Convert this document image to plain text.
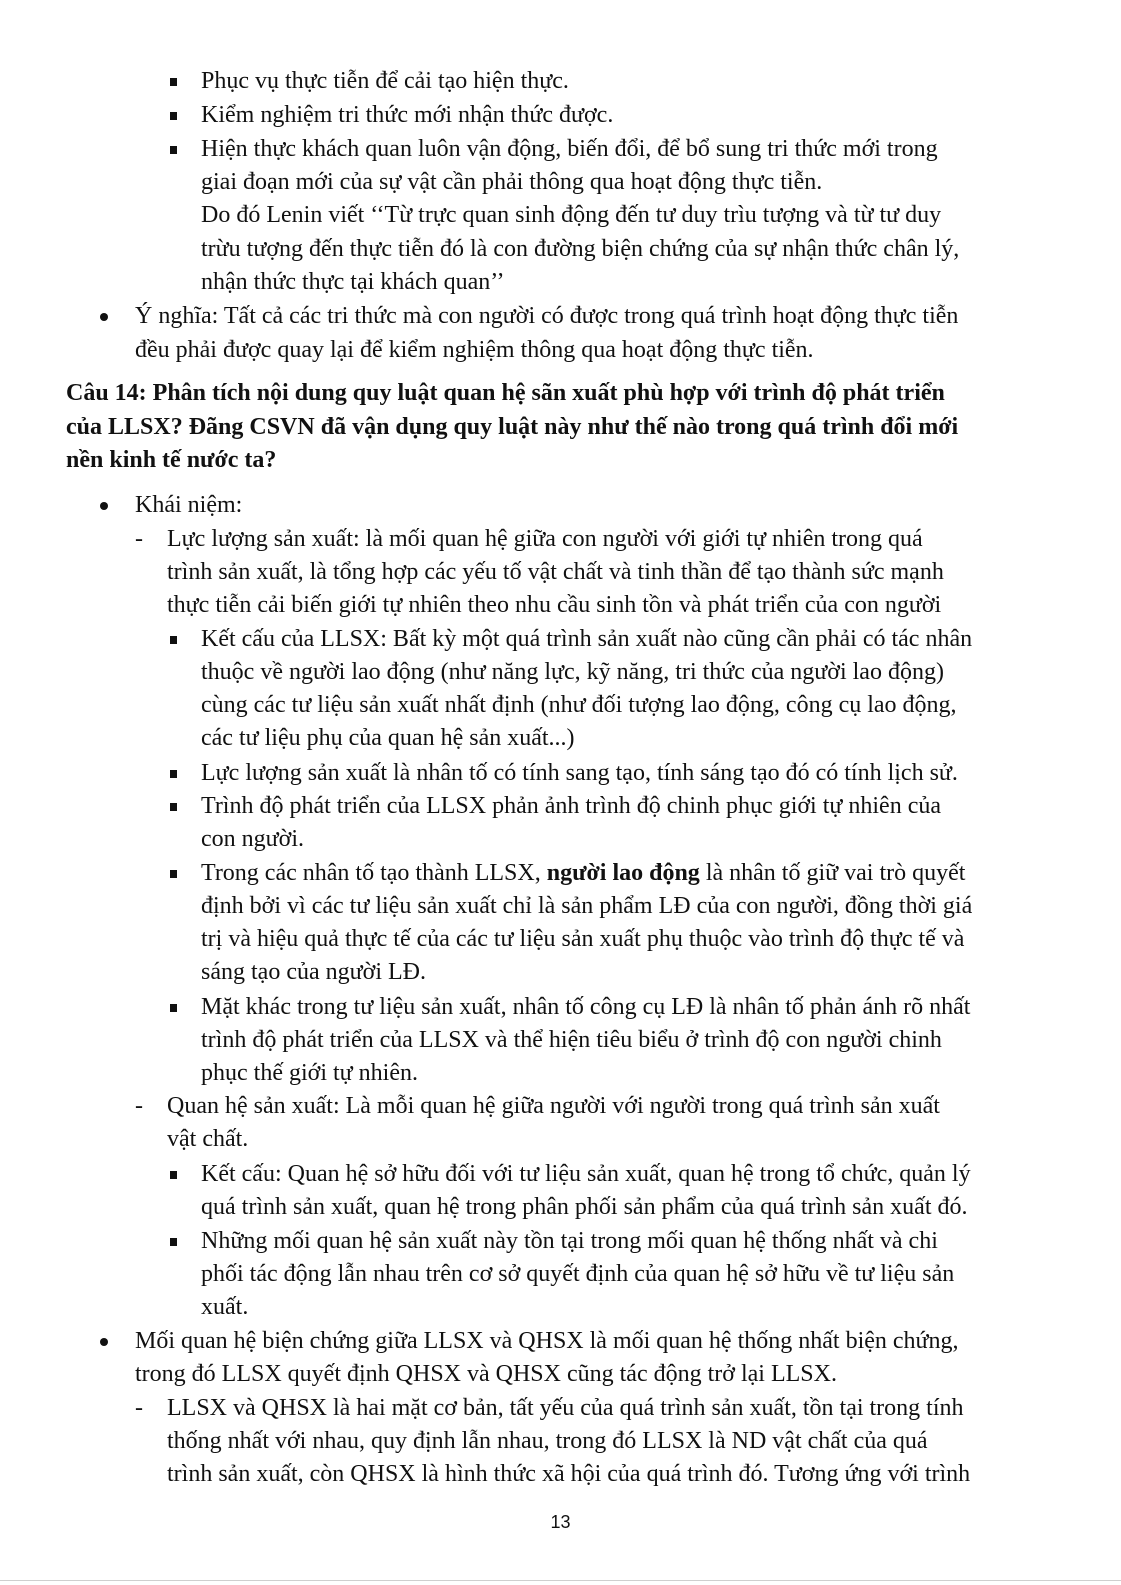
Phục vụ thực tiễn để cải tạo hiện thực.
Kiểm nghiệm tri thức mới nhận thức được.
Hiện thực khách quan luôn vận động, biến đổi, để bổ sung tri thức mới trong
giai đoạn mới của sự vật cần phải thông qua hoạt động thực tiễn.
Do đó Lenin viết ‘‘Từ trực quan sinh động đến tư duy trìu tượng và từ tư duy
trừu tượng đến thực tiễn đó là con đường biện chứng của sự nhận thức chân lý,
nhận thức thực tại khách quan’’
Ý nghĩa: Tất cả các tri thức mà con người có được trong quá trình hoạt động thực tiễn
đều phải được quay lại để kiểm nghiệm thông qua hoạt động thực tiễn.
Câu 14: Phân tích nội dung quy luật quan hệ sãn xuất phù hợp với trình độ phát triển
của LLSX? Đãng CSVN đã vận dụng quy luật này như thế nào trong quá trình đổi mới
nền kinh tế nước ta?
Khái niệm:
- Lực lượng sản xuất: là mối quan hệ giữa con người với giới tự nhiên trong quá
trình sản xuất, là tổng hợp các yếu tố vật chất và tinh thần để tạo thành sức mạnh
thực tiễn cải biến giới tự nhiên theo nhu cầu sinh tồn và phát triển của con người
Kết cấu của LLSX: Bất kỳ một quá trình sản xuất nào cũng cần phải có tác nhân
thuộc về người lao động (như năng lực, kỹ năng, tri thức của người lao động)
cùng các tư liệu sản xuất nhất định (như đối tượng lao động, công cụ lao động,
các tư liệu phụ của quan hệ sản xuất...)
Lực lượng sản xuất là nhân tố có tính sang tạo, tính sáng tạo đó có tính lịch sử.
Trình độ phát triển của LLSX phản ảnh trình độ chinh phục giới tự nhiên của
con người.
Trong các nhân tố tạo thành LLSX, người lao động là nhân tố giữ vai trò quyết
định bởi vì các tư liệu sản xuất chỉ là sản phẩm LĐ của con người, đồng thời giá
trị và hiệu quả thực tế của các tư liệu sản xuất phụ thuộc vào trình độ thực tế và
sáng tạo của người LĐ.
Mặt khác trong tư liệu sản xuất, nhân tố công cụ LĐ là nhân tố phản ánh rõ nhất
trình độ phát triển của LLSX và thể hiện tiêu biểu ở trình độ con người chinh
phục thế giới tự nhiên.
- Quan hệ sản xuất: Là mỗi quan hệ giữa người với người trong quá trình sản xuất
vật chất.
Kết cấu: Quan hệ sở hữu đối với tư liệu sản xuất, quan hệ trong tổ chức, quản lý
quá trình sản xuất, quan hệ trong phân phối sản phẩm của quá trình sản xuất đó.
Những mối quan hệ sản xuất này tồn tại trong mối quan hệ thống nhất và chi
phối tác động lẫn nhau trên cơ sở quyết định của quan hệ sở hữu về tư liệu sản
xuất.
Mối quan hệ biện chứng giữa LLSX và QHSX là mối quan hệ thống nhất biện chứng,
trong đó LLSX quyết định QHSX và QHSX cũng tác động trở lại LLSX.
- LLSX và QHSX là hai mặt cơ bản, tất yếu của quá trình sản xuất, tồn tại trong tính
thống nhất với nhau, quy định lẫn nhau, trong đó LLSX là ND vật chất của quá
trình sản xuất, còn QHSX là hình thức xã hội của quá trình đó. Tương ứng với trình
13
